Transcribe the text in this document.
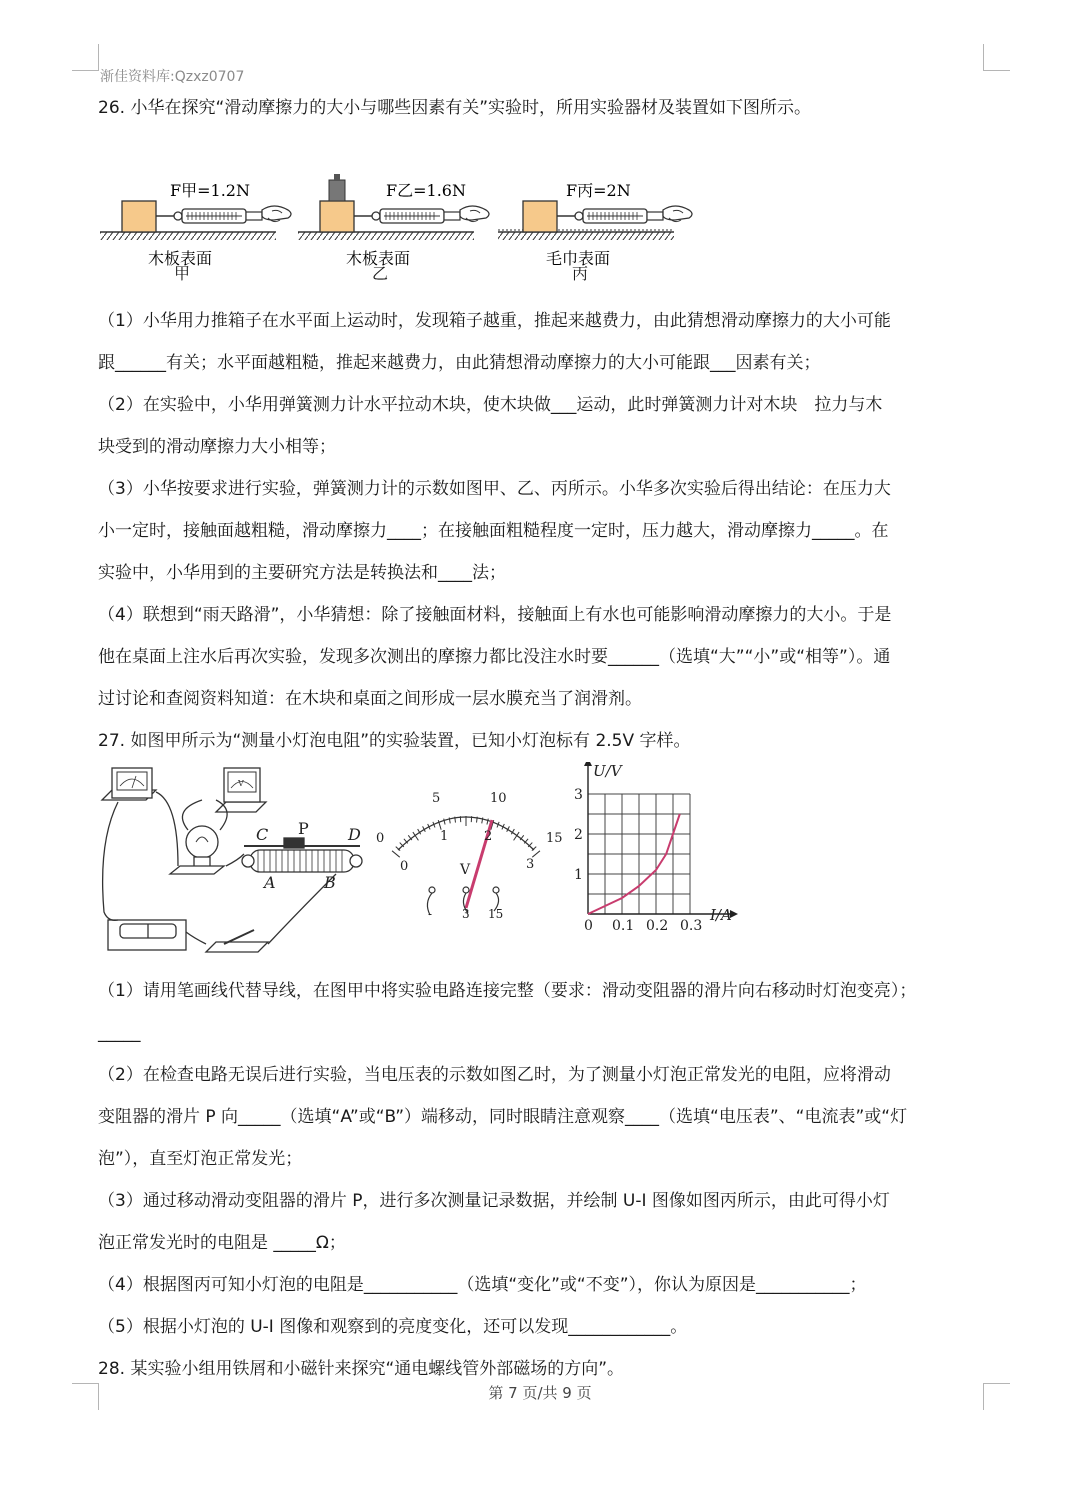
渐佳资料库:Qzxz0707

26. 小华在探究“滑动摩擦力的大小与哪些因素有关”实验时，所用实验器材及装置如下图所示。

F甲=1.2N
木板表面
F乙=1.6N
木板表面
F丙=2N
毛巾表面
甲	乙	丙

（1）小华用力推箱子在水平面上运动时，发现箱子越重，推起来越费力，由此猜想滑动摩擦力的大小可能

跟______有关；水平面越粗糙，推起来越费力，由此猜想滑动摩擦力的大小可能跟___因素有关；

（2）在实验中，小华用弹簧测力计水平拉动木块，使木块做___运动，此时弹簧测力计对木块　拉力与木

块受到的滑动摩擦力大小相等；

（3）小华按要求进行实验，弹簧测力计的示数如图甲、乙、丙所示。小华多次实验后得出结论：在压力大

小一定时，接触面越粗糙，滑动摩擦力____；在接触面粗糙程度一定时，压力越大，滑动摩擦力_____。在

实验中，小华用到的主要研究方法是转换法和____法；

（4）联想到“雨天路滑”，小华猜想：除了接触面材料，接触面上有水也可能影响滑动摩擦力的大小。于是

他在桌面上注水后再次实验，发现多次测出的摩擦力都比没注水时要______（选填“大”“小”或“相等”）。通

过讨论和查阅资料知道：在木块和桌面之间形成一层水膜充当了润滑剂。

27. 如图甲所示为“测量小灯泡电阻”的实验装置，已知小灯泡标有 2.5V 字样。

V
C P D
A	B
0
5	10
15
0
1	2
3
V
- 3 15
U/V
I/A
0 0.1 0.2 0.3
1
2
3

（1）请用笔画线代替导线，在图甲中将实验电路连接完整（要求：滑动变阻器的滑片向右移动时灯泡变亮）；

_____

（2）在检查电路无误后进行实验，当电压表的示数如图乙时，为了测量小灯泡正常发光的电阻，应将滑动

变阻器的滑片 P 向_____（选填“A”或“B”）端移动，同时眼睛注意观察____（选填“电压表”、“电流表”或“灯

泡”），直至灯泡正常发光；

（3）通过移动滑动变阻器的滑片 P，进行多次测量记录数据，并绘制 U-I 图像如图丙所示，由此可得小灯

泡正常发光时的电阻是 _____Ω；

（4）根据图丙可知小灯泡的电阻是___________（选填“变化”或“不变”），你认为原因是___________；

（5）根据小灯泡的 U-I 图像和观察到的亮度变化，还可以发现____________。

28. 某实验小组用铁屑和小磁针来探究“通电螺线管外部磁场的方向”。

第 7 页/共 9 页
